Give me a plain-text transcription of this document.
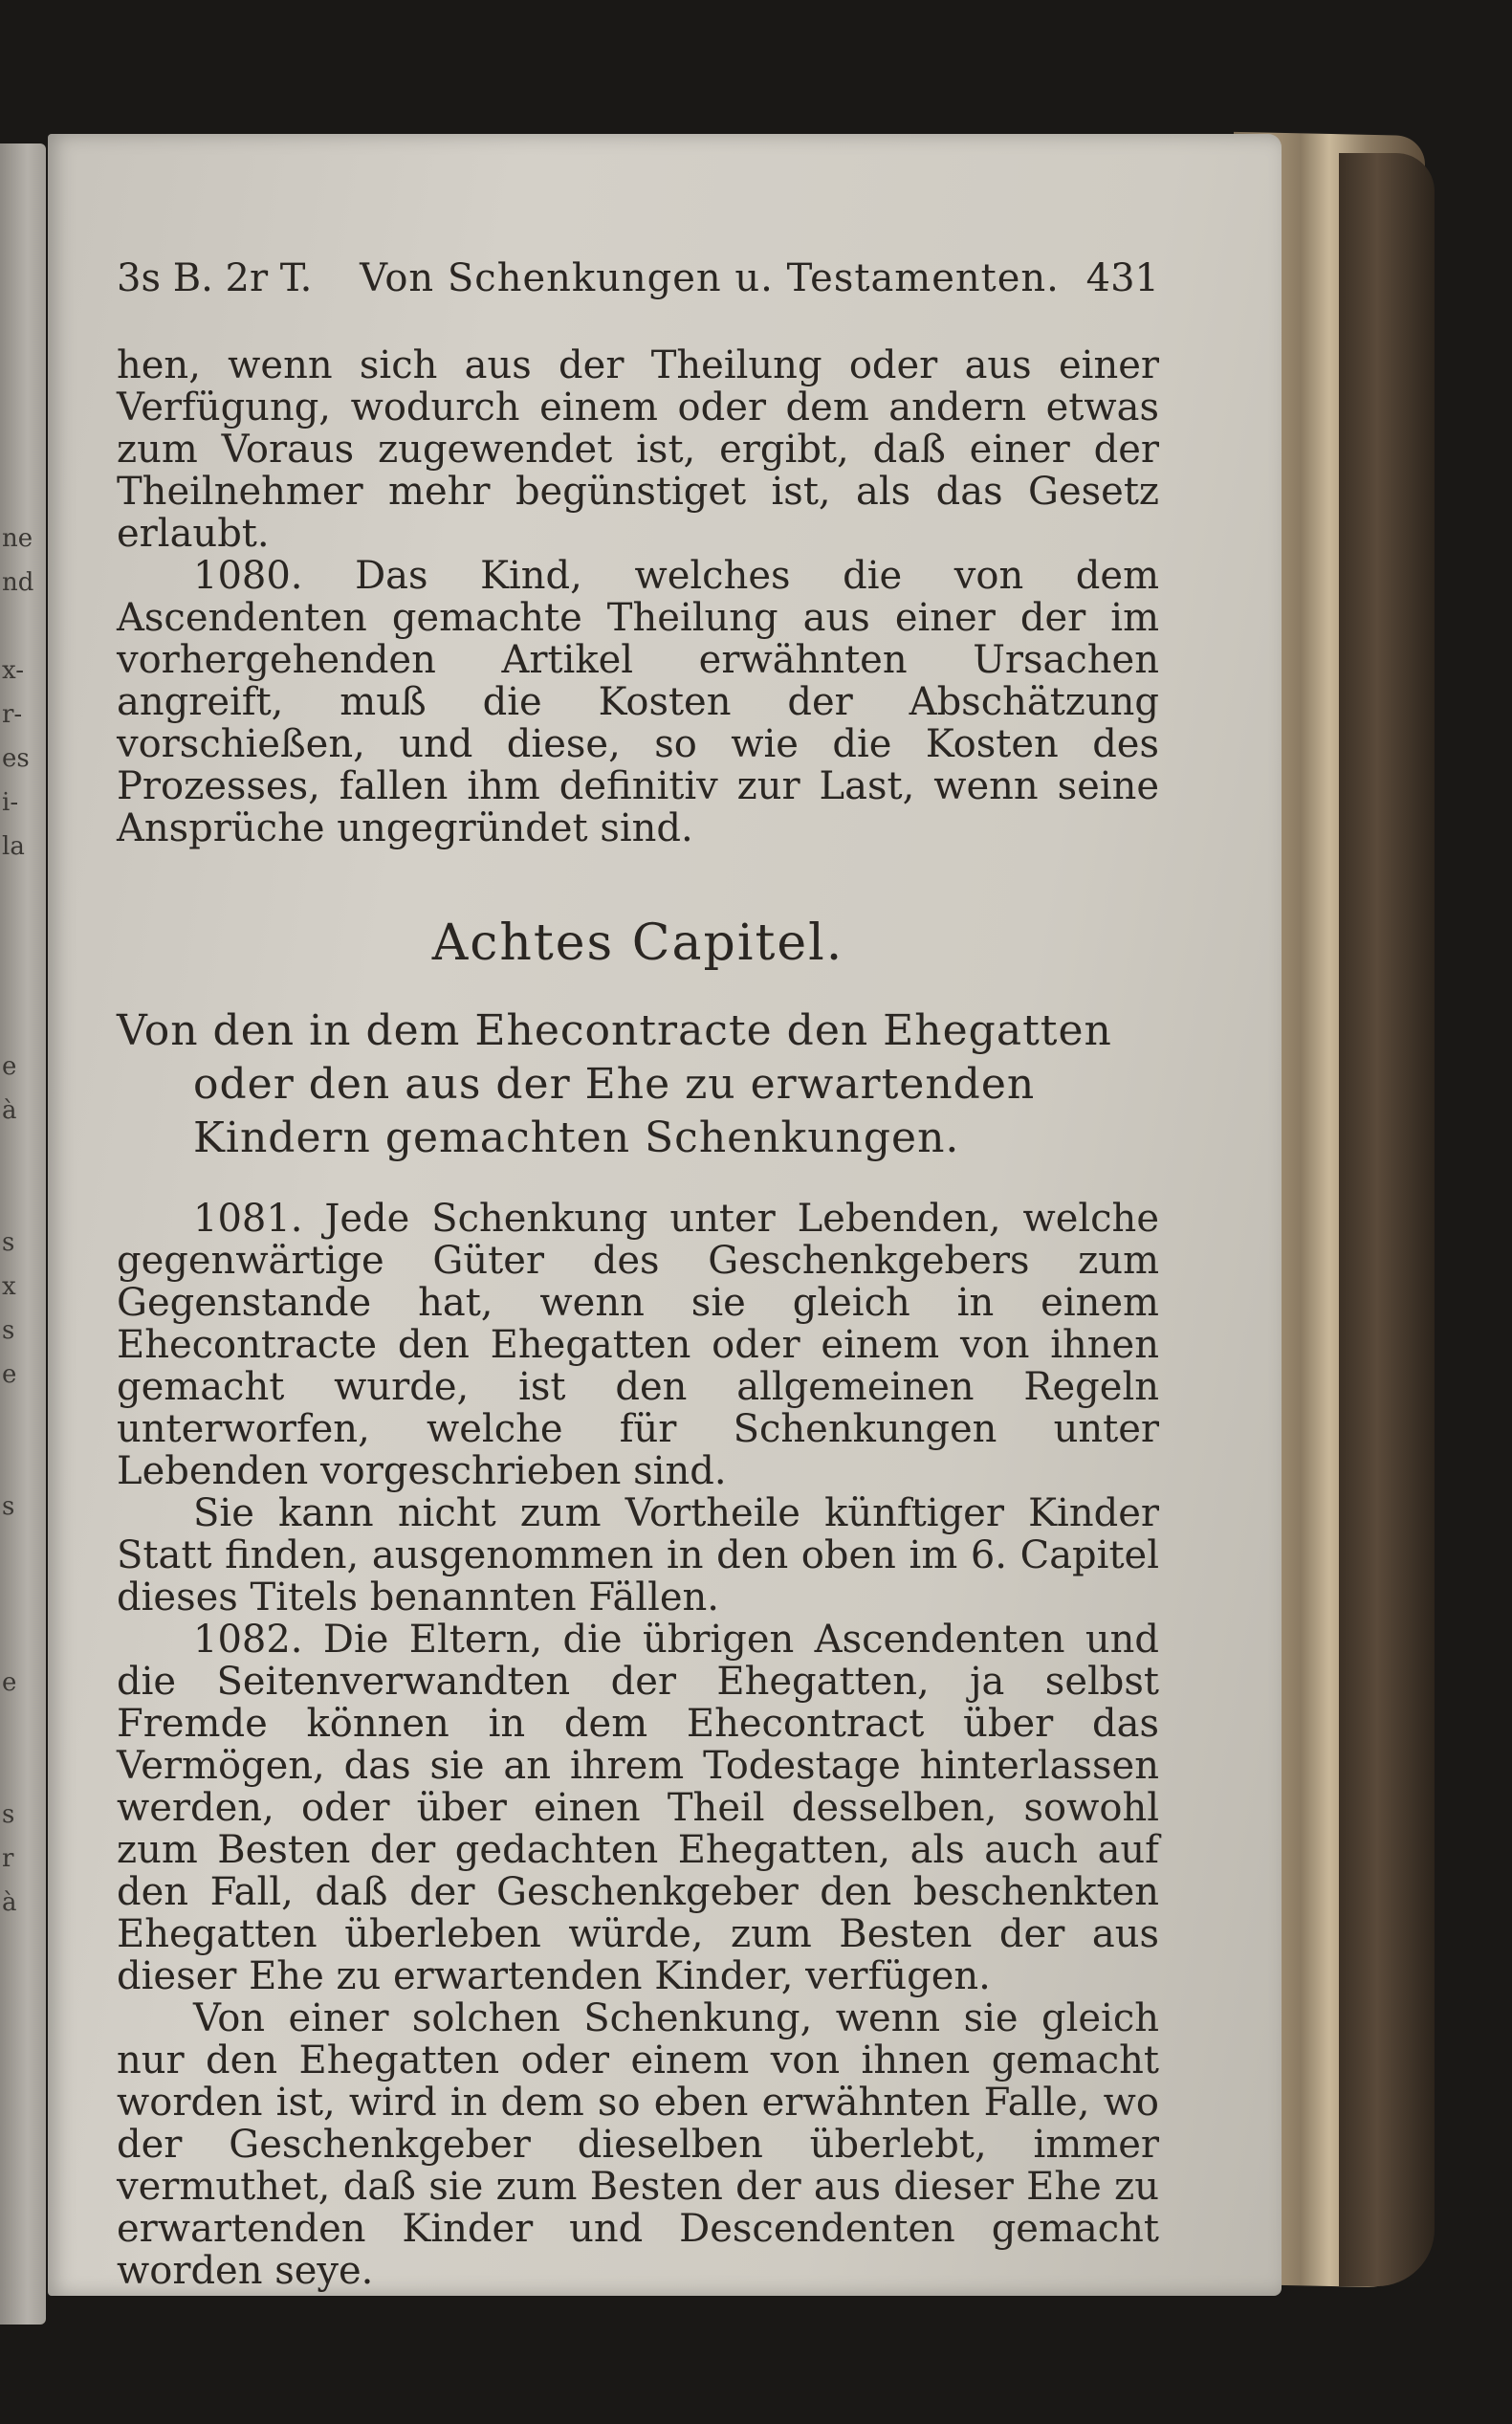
ne
nd
x-
r-
es
i-
la
e
à
s
x
s
e
s
e
s
r
à
3s B. 2r T.	Von Schenkungen u. Testamenten. 431

hen, wenn sich aus der Theilung oder aus einer Verfügung, wodurch einem oder dem andern etwas zum Voraus zugewendet ist, ergibt, daß einer der Theilnehmer mehr begünstiget ist, als das Gesetz erlaubt.

1080. Das Kind, welches die von dem Ascendenten gemachte Theilung aus einer der im vorhergehenden Artikel erwähnten Ursachen angreift, muß die Kosten der Abschätzung vorschießen, und diese, so wie die Kosten des Prozesses, fallen ihm definitiv zur Last, wenn seine Ansprüche ungegründet sind.

Achtes Capitel.
Von den in dem Ehecontracte den Ehegatten oder den aus der Ehe zu erwartenden Kindern gemachten Schenkungen.

1081. Jede Schenkung unter Lebenden, welche gegenwärtige Güter des Geschenkgebers zum Gegenstande hat, wenn sie gleich in einem Ehecontracte den Ehegatten oder einem von ihnen gemacht wurde, ist den allgemeinen Regeln unterworfen, welche für Schenkungen unter Lebenden vorgeschrieben sind.

Sie kann nicht zum Vortheile künftiger Kinder Statt finden, ausgenommen in den oben im 6. Capitel dieses Titels benannten Fällen.

1082. Die Eltern, die übrigen Ascendenten und die Seitenverwandten der Ehegatten, ja selbst Fremde können in dem Ehecontract über das Vermögen, das sie an ihrem Todestage hinterlassen werden, oder über einen Theil desselben, sowohl zum Besten der gedachten Ehegatten, als auch auf den Fall, daß der Geschenkgeber den beschenkten Ehegatten überleben würde, zum Besten der aus dieser Ehe zu erwartenden Kinder, verfügen.

Von einer solchen Schenkung, wenn sie gleich nur den Ehegatten oder einem von ihnen gemacht worden ist, wird in dem so eben erwähnten Falle, wo der Geschenkgeber dieselben überlebt, immer vermuthet, daß sie zum Besten der aus dieser Ehe zu erwartenden Kinder und Descendenten gemacht worden seye.
